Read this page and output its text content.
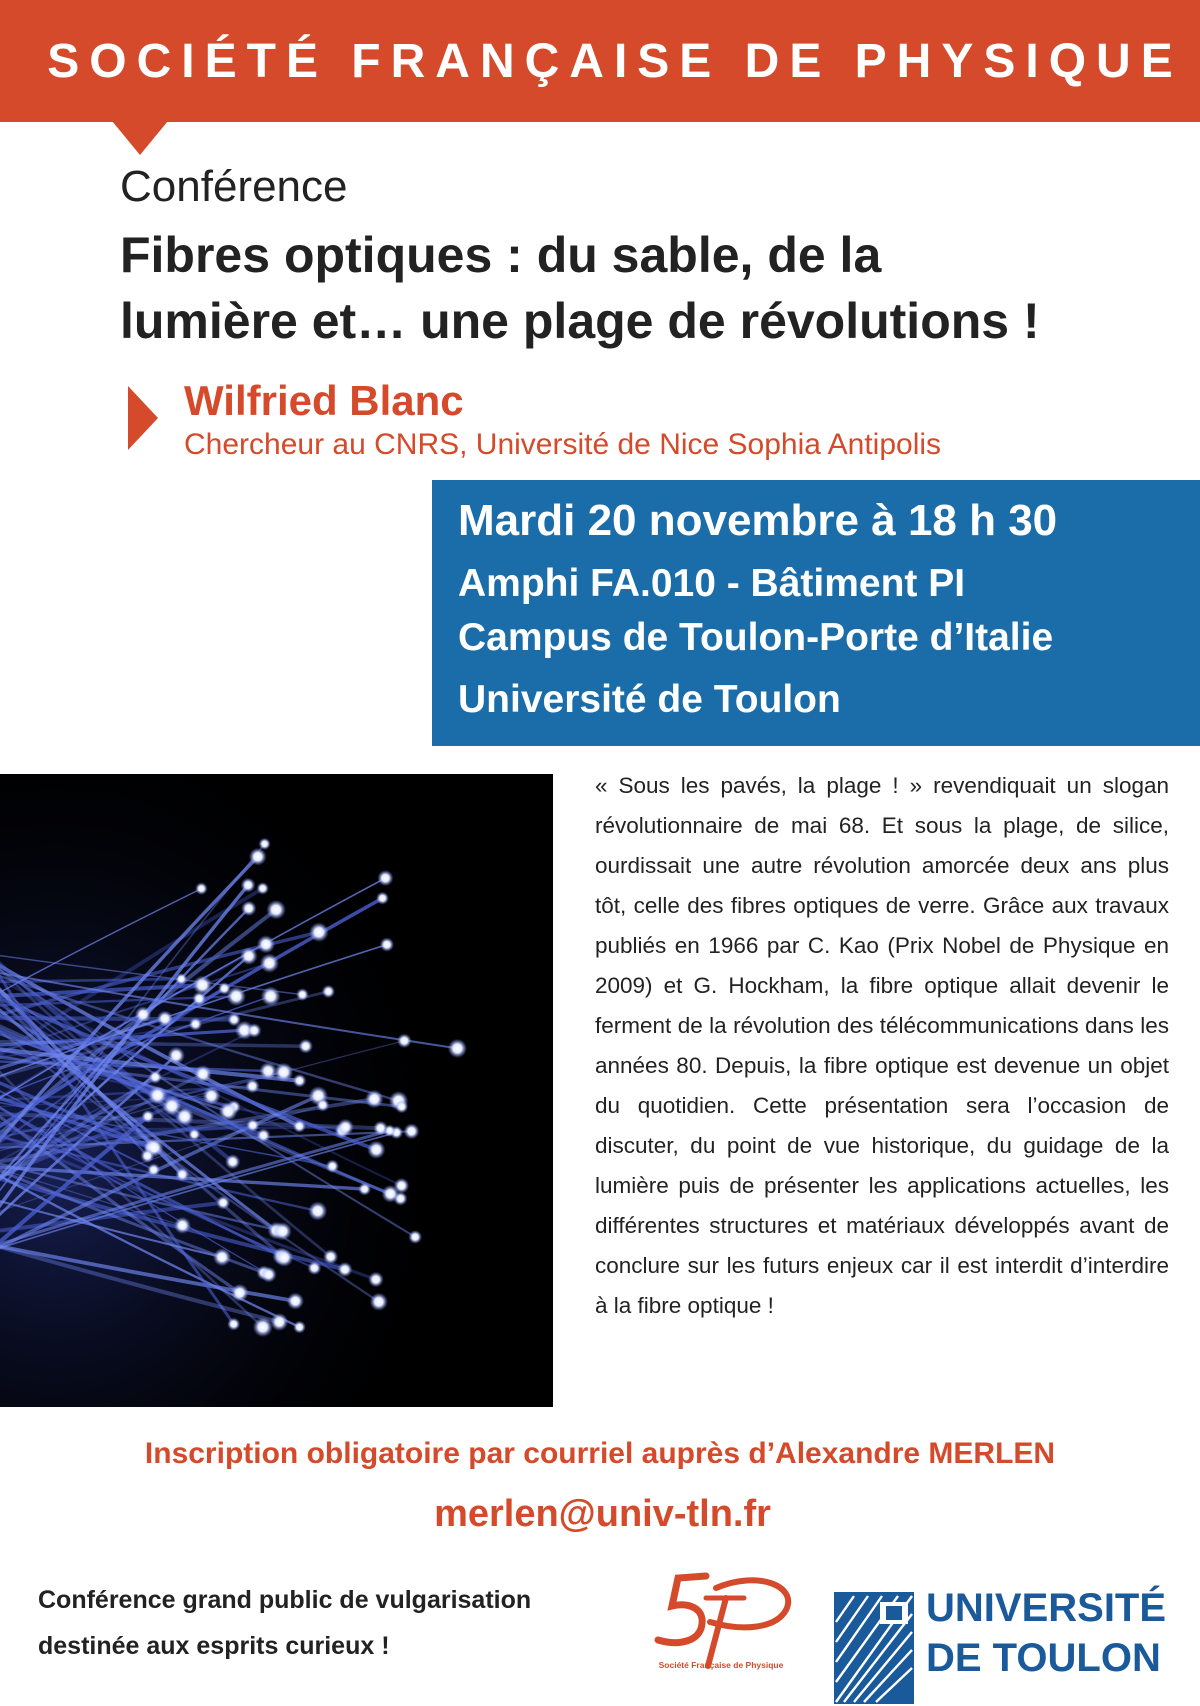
SOCIÉTÉ FRANÇAISE DE PHYSIQUE
Conférence
Fibres optiques : du sable, de la
lumière et… une plage de révolutions !
Wilfried Blanc
Chercheur au CNRS, Université de Nice Sophia Antipolis
Mardi 20 novembre à 18 h 30
Amphi FA.010 - Bâtiment PI
Campus de Toulon-Porte d’Italie
Université de Toulon

« Sous les pavés, la plage ! » revendiquait un slogan révolutionnaire de mai 68. Et sous la plage, de silice, ourdissait une autre révolution amorcée deux ans plus tôt, celle des fibres optiques de verre. Grâce aux travaux publiés en 1966 par C. Kao (Prix Nobel de Physique en 2009) et G. Hockham, la fibre optique allait devenir le ferment de la révolution des télécommunications dans les années 80. Depuis, la fibre optique est devenue un objet du quotidien. Cette présentation sera l’occasion de discuter, du point de vue historique, du guidage de la lumière puis de présenter les applications actuelles, les différentes structures et matériaux développés avant de conclure sur les futurs enjeux car il est interdit d’interdire à la fibre optique !

Inscription obligatoire par courriel auprès d’Alexandre MERLEN
merlen@univ-tln.fr
Conférence grand public de vulgarisation
destinée aux esprits curieux !
Société Française de Physique
UNIVERSITÉ
DE TOULON
